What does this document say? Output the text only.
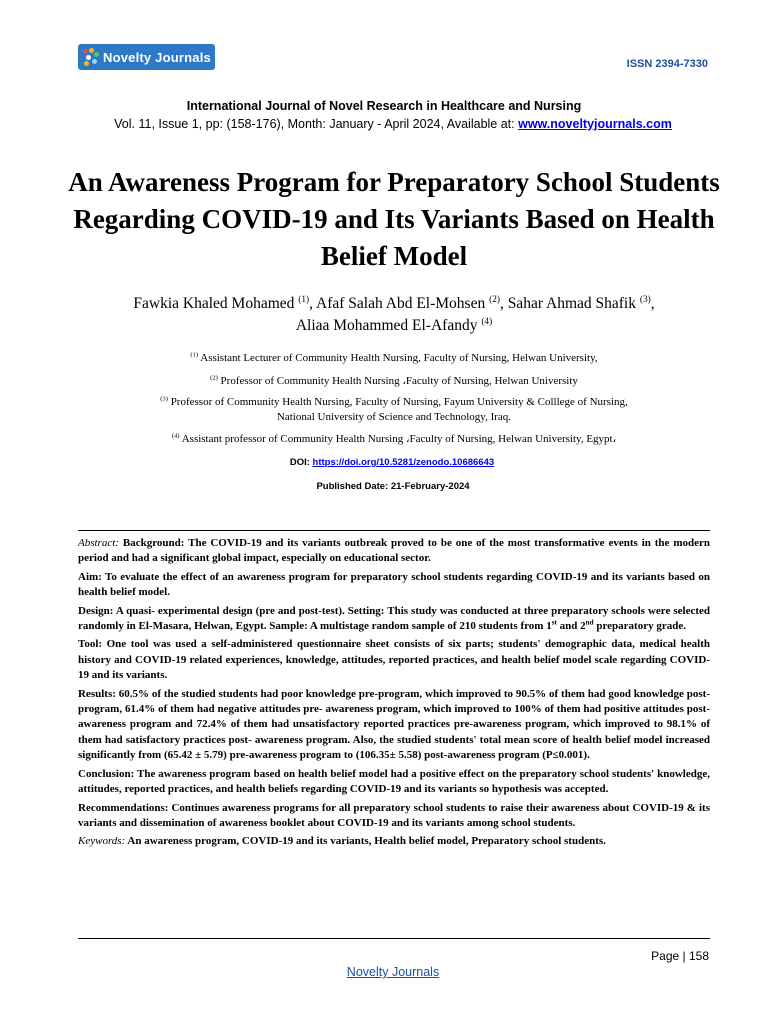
Novelty Journals	ISSN 2394-7330
International Journal of Novel Research in Healthcare and Nursing
Vol. 11, Issue 1, pp: (158-176), Month: January - April 2024, Available at: www.noveltyjournals.com
An Awareness Program for Preparatory School Students Regarding COVID-19 and Its Variants Based on Health Belief Model
Fawkia Khaled Mohamed $^{(1)}$, Afaf Salah Abd El-Mohsen $^{(2)}$, Sahar Ahmad Shafik $^{(3)}$,
Aliaa Mohammed El-Afandy $^{(4)}$
$^{(1)}$ Assistant Lecturer of Community Health Nursing, Faculty of Nursing, Helwan University,
$^{(2)}$ Professor of Community Health Nursing ،Faculty of Nursing, Helwan University
$^{(3)}$ Professor of Community Health Nursing, Faculty of Nursing, Fayum University & Colllege of Nursing,
National University of Science and Technology, Iraq.
$^{(4)}$ Assistant professor of Community Health Nursing ،Faculty of Nursing, Helwan University, Egypt،
DOI: https://doi.org/10.5281/zenodo.10686643
Published Date: 21-February-2024

Abstract: Background: The COVID-19 and its variants outbreak proved to be one of the most transformative events in the modern period and had a significant global impact, especially on educational sector.

Aim: To evaluate the effect of an awareness program for preparatory school students regarding COVID-19 and its variants based on health belief model.

Design: A quasi- experimental design (pre and post-test). Setting: This study was conducted at three preparatory schools were selected randomly in El-Masara, Helwan, Egypt. Sample: A multistage random sample of 210 students from 1st and 2nd preparatory grade.

Tool: One tool was used a self-administered questionnaire sheet consists of six parts; students' demographic data, medical health history and COVID-19 related experiences, knowledge, attitudes, reported practices, and health belief model scale regarding COVID-19 and its variants.

Results: 60.5% of the studied students had poor knowledge pre-program, which improved to 90.5% of them had good knowledge post-program, 61.4% of them had negative attitudes pre- awareness program, which improved to 100% of them had positive attitudes post-awareness program and 72.4% of them had unsatisfactory reported practices pre-awareness program, which improved to 98.1% of them had satisfactory practices post- awareness program. Also, the studied students' total mean score of health belief model increased significantly from (65.42 ± 5.79) pre-awareness program to (106.35± 5.58) post-awareness program (P≤0.001).

Conclusion: The awareness program based on health belief model had a positive effect on the preparatory school students' knowledge, attitudes, reported practices, and health beliefs regarding COVID-19 and its variants so hypothesis was accepted.

Recommendations: Continues awareness programs for all preparatory school students to raise their awareness about COVID-19 & its variants and dissemination of awareness booklet about COVID-19 and its variants among school students.

Keywords: An awareness program, COVID-19 and its variants, Health belief model, Preparatory school students.

Page | 158
Novelty Journals
